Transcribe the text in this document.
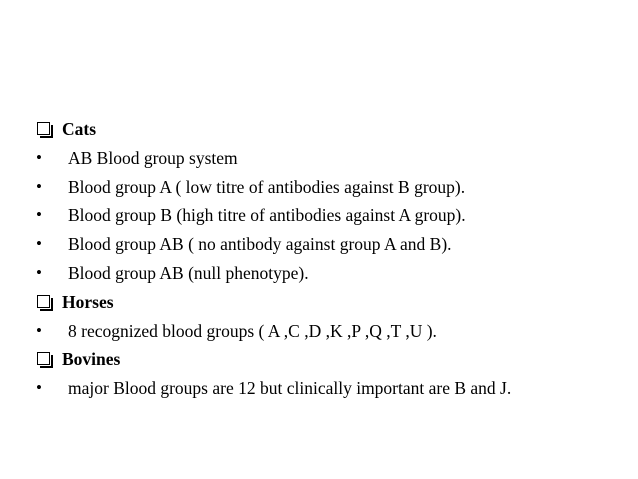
Cats
•	AB Blood group system
•	Blood group A ( low titre of antibodies against B group).
•	Blood group B (high titre of antibodies against A group).
•	Blood group AB ( no antibody against group A and B).
•	Blood group AB (null phenotype).
Horses
•	8 recognized blood groups ( A ,C ,D ,K ,P ,Q ,T ,U ).
Bovines
•	major Blood groups are 12 but clinically important are B and J.
